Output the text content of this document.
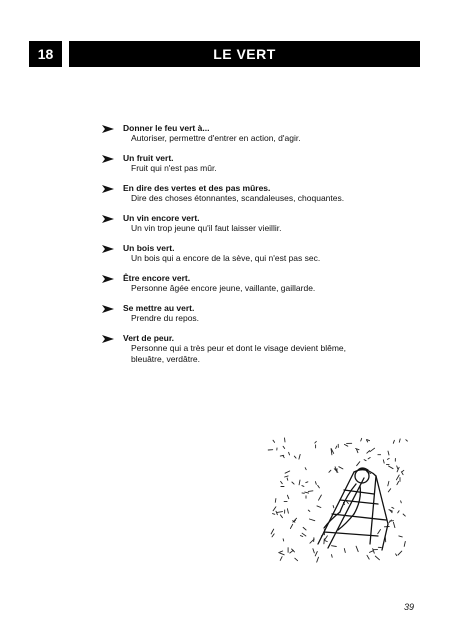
18	LE VERT
Donner le feu vert à...
Autoriser, permettre d'entrer en action, d'agir.
Un fruit vert.
Fruit qui n'est pas mûr.
En dire des vertes et des pas mûres.
Dire des choses étonnantes, scandaleuses, choquantes.
Un vin encore vert.
Un vin trop jeune qu'il faut laisser vieillir.
Un bois vert.
Un bois qui a encore de la sève, qui n'est pas sec.
Être encore vert.
Personne âgée encore jeune, vaillante, gaillarde.
Se mettre au vert.
Prendre du repos.
Vert de peur.
Personne qui a très peur et dont le visage devient blême, bleuâtre, verdâtre.
39
